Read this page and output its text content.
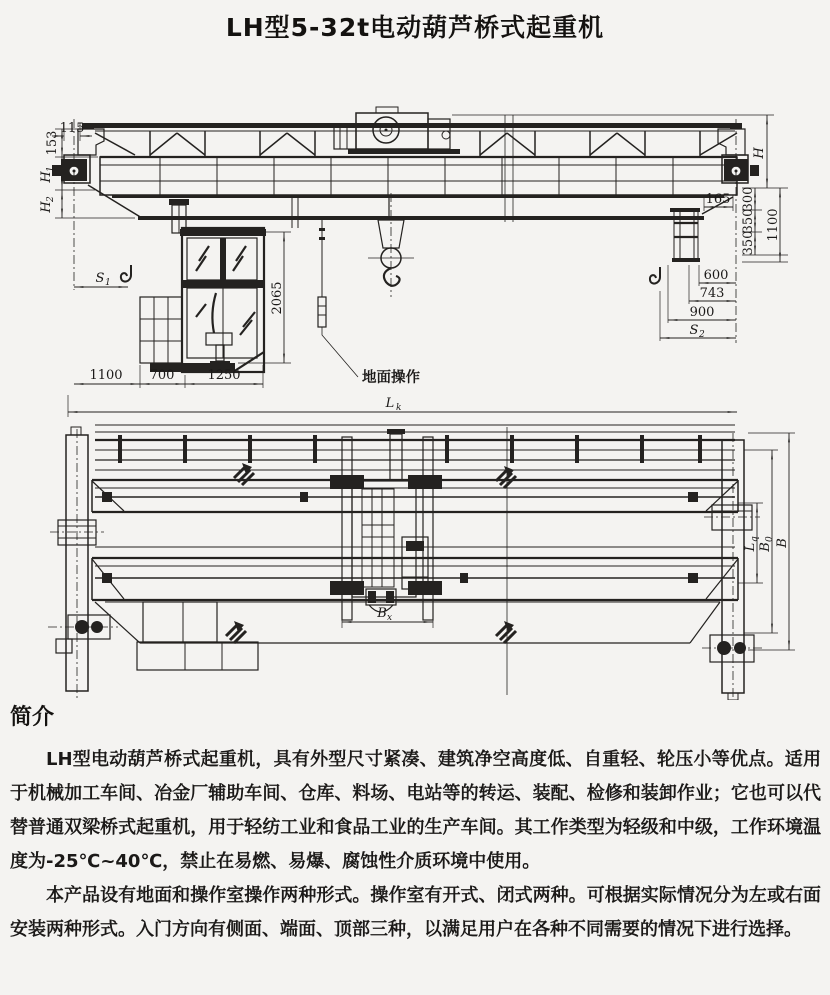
LH型5-32t电动葫芦桥式起重机
地面操作
115
153
H
1
H
2
S 1	2065
1100 700	1250
L k
H
165 300
350
350
1100
600
743
900
S 2
B x
L
q
B
0 B
简介

LH型电动葫芦桥式起重机，具有外型尺寸紧凑、建筑净空高度低、自重轻、轮压小等优点。适用于机械加工车间、冶金厂辅助车间、仓库、料场、电站等的转运、装配、检修和装卸作业；它也可以代替普通双梁桥式起重机，用于轻纺工业和食品工业的生产车间。其工作类型为轻级和中级，工作环境温度为-25℃~40℃，禁止在易燃、易爆、腐蚀性介质环境中使用。

本产品设有地面和操作室操作两种形式。操作室有开式、闭式两种。可根据实际情况分为左或右面安装两种形式。入门方向有侧面、端面、顶部三种，以满足用户在各种不同需要的情况下进行选择。
